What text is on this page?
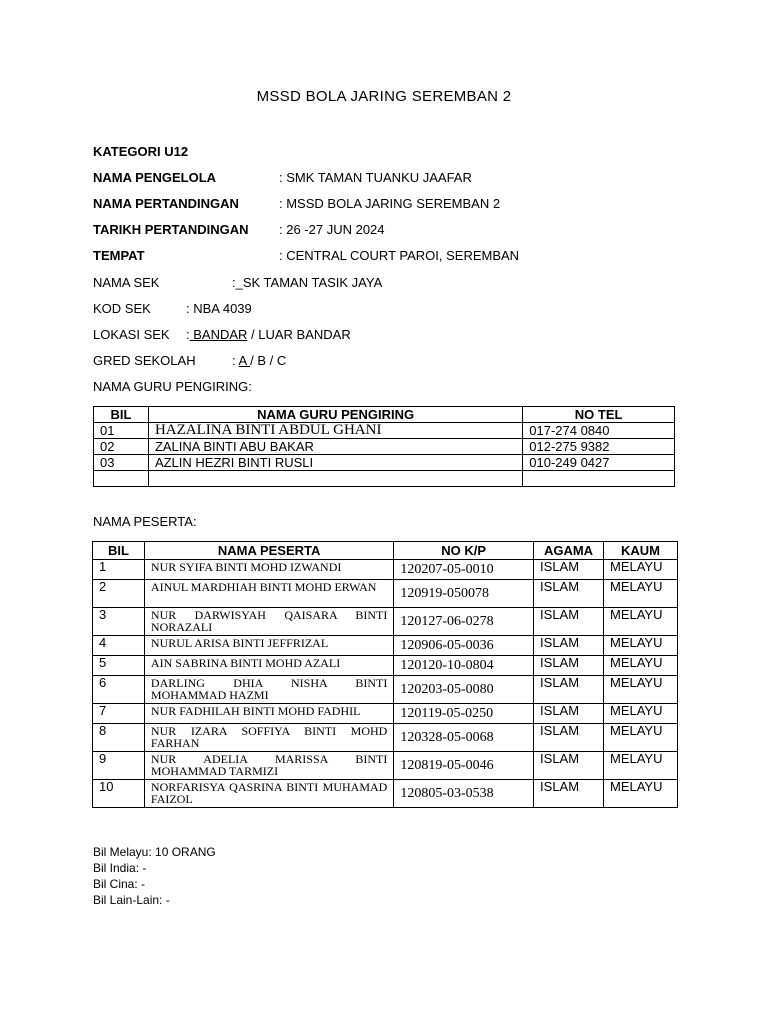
MSSD BOLA JARING SEREMBAN 2
KATEGORI U12
NAMA PENGELOLA	: SMK TAMAN TUANKU JAAFAR
NAMA PERTANDINGAN	: MSSD BOLA JARING SEREMBAN 2
TARIKH PERTANDINGAN : 26 -27 JUN 2024
TEMPAT	: CENTRAL COURT PAROI, SEREMBAN
NAMA SEK	:_SK TAMAN TASIK JAYA
KOD SEK	: NBA 4039
LOKASI SEK : BANDAR / LUAR BANDAR
GRED SEKOLAH	: A / B / C
NAMA GURU PENGIRING:
BIL	NAMA GURU PENGIRING	NO TEL
01	HAZALINA BINTI ABDUL GHANI	017-274 0840
02	ZALINA BINTI ABU BAKAR	012-275 9382
03	AZLIN HEZRI BINTI RUSLI	010-249 0427

NAMA PESERTA:
BIL	NAMA PESERTA	NO K/P	AGAMA	KAUM
1	NUR SYIFA BINTI MOHD IZWANDI	120207-05-0010	ISLAM	MELAYU
2	AINUL MARDHIAH BINTI MOHD ERWAN	120919-050078	ISLAM	MELAYU
3	NUR DARWISYAH QAISARA BINTI NORAZALI	120127-06-0278	ISLAM	MELAYU
4	NURUL ARISA BINTI JEFFRIZAL	120906-05-0036	ISLAM	MELAYU
5	AIN SABRINA BINTI MOHD AZALI	120120-10-0804	ISLAM	MELAYU
6	DARLING DHIA NISHA BINTI MOHAMMAD HAZMI	120203-05-0080	ISLAM	MELAYU
7	NUR FADHILAH BINTI MOHD FADHIL	120119-05-0250	ISLAM	MELAYU
8	NUR IZARA SOFFIYA BINTI MOHD FARHAN	120328-05-0068	ISLAM	MELAYU
9	NUR ADELIA MARISSA BINTI MOHAMMAD TARMIZI	120819-05-0046	ISLAM	MELAYU
10	NORFARISYA QASRINA BINTI MUHAMAD FAIZOL	120805-03-0538	ISLAM	MELAYU
Bil Melayu: 10 ORANG
Bil India: -
Bil Cina: -
Bil Lain-Lain: -
